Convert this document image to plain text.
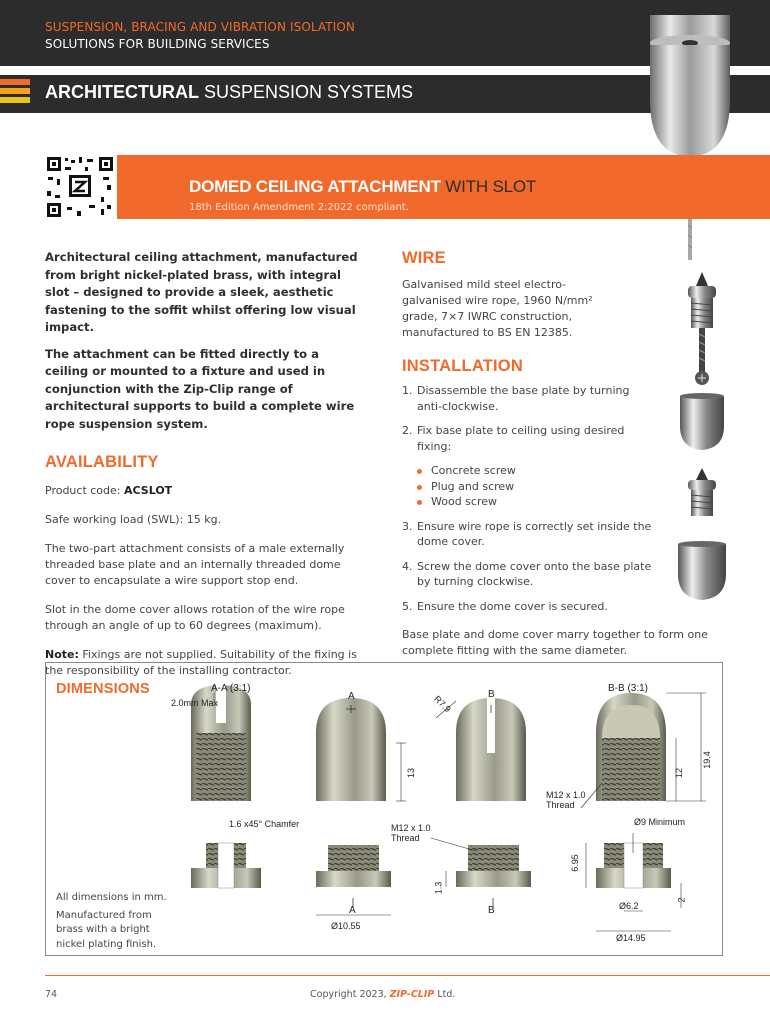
SUSPENSION, BRACING AND VIBRATION ISOLATION
SOLUTIONS FOR BUILDING SERVICES
ARCHITECTURAL SUSPENSION SYSTEMS
DOMED CEILING ATTACHMENT WITH SLOT
18th Edition Amendment 2:2022 compliant.

Architectural ceiling attachment, manufactured from bright nickel-plated brass, with integral slot – designed to provide a sleek, aesthetic fastening to the soffit whilst offering low visual impact.

The attachment can be fitted directly to a ceiling or mounted to a fixture and used in conjunction with the Zip-Clip range of architectural supports to build a complete wire rope suspension system.

AVAILABILITY

Product code: ACSLOT

Safe working load (SWL): 15 kg.

The two-part attachment consists of a male externally threaded base plate and an internally threaded dome cover to encapsulate a wire support stop end.

Slot in the dome cover allows rotation of the wire rope through an angle of up to 60 degrees (maximum).

Note: Fixings are not supplied. Suitability of the fixing is the responsibility of the installing contractor.

WIRE

Galvanised mild steel electro-galvanised wire rope, 1960 N/mm² grade, 7×7 IWRC construction, manufactured to BS EN 12385.

INSTALLATION
1. Disassemble the base plate by turning anti-clockwise.
2. Fix base plate to ceiling using desired fixing:
Concrete screw
Plug and screw
Wood screw
3. Ensure wire rope is correctly set inside the dome cover.
4. Screw the dome cover onto the base plate by turning clockwise.
5. Ensure the dome cover is secured.

Base plate and dome cover marry together to form one complete fitting with the same diameter.

DIMENSIONS

All dimensions in mm.

Manufactured from brass with a bright nickel plating finish.

A-A (3:1)
2.0mm Max
A	B
R7.9
B-B (3:1)
13	12
19.4
M12 x 1.0
Thread
1.6 x45° Chamfer	M12 x 1.0
Thread
Ø9 Minimum
6.95
1.3
A	B
Ø10.55
Ø6.2
2
Ø14.95
74	Copyright 2023, ZIP-CLIP Ltd.
